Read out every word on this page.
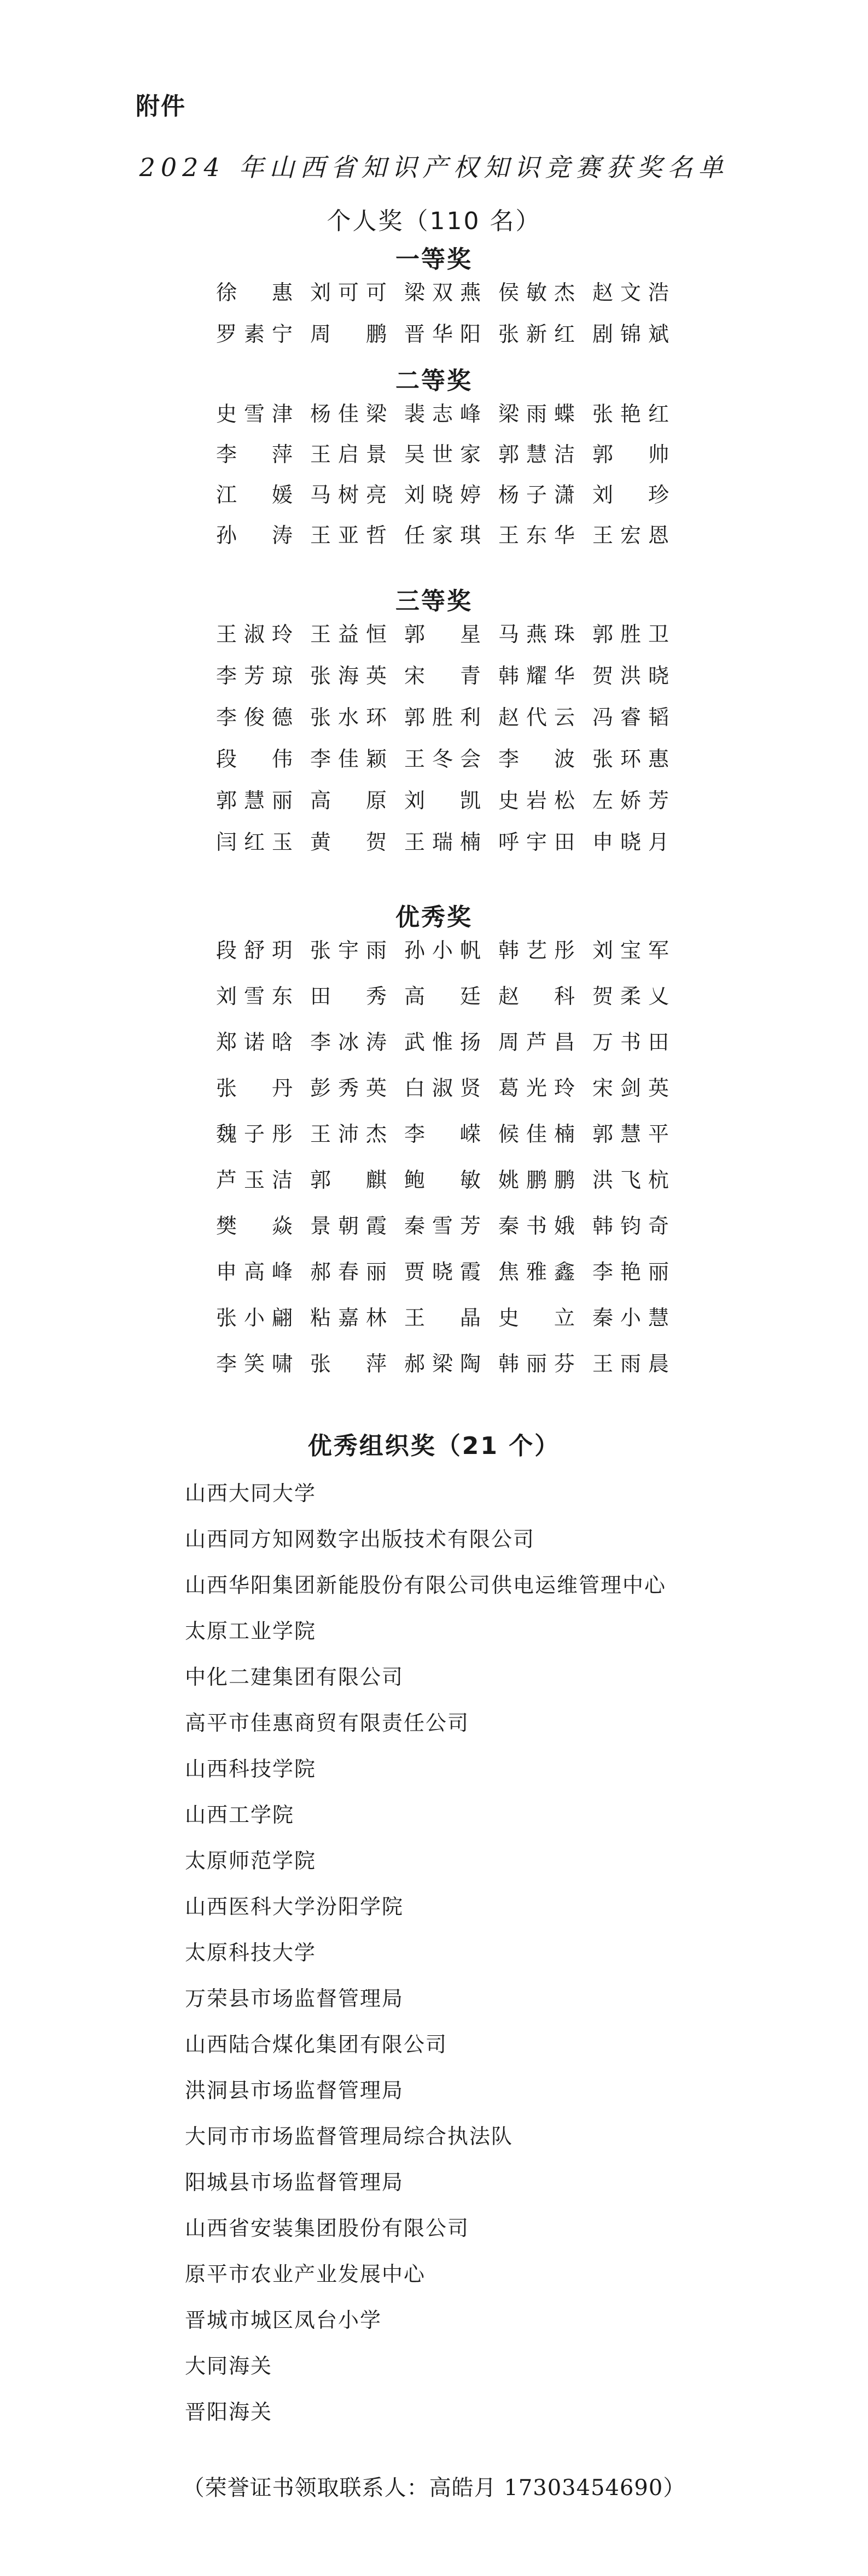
附件
2024 年山西省知识产权知识竞赛获奖名单
个人奖（110 名）
一等奖
徐　惠 刘可可 梁双燕 侯敏杰 赵文浩
罗素宁 周　鹏 晋华阳 张新红 剧锦斌
二等奖
史雪津 杨佳梁 裴志峰 梁雨蝶 张艳红
李　萍 王启景 吴世家 郭慧洁 郭　帅
江　媛 马树亮 刘晓婷 杨子潇 刘　珍
孙　涛 王亚哲 任家琪 王东华 王宏恩
三等奖
王淑玲 王益恒 郭　星 马燕珠 郭胜卫
李芳琼 张海英 宋　青 韩耀华 贺洪晓
李俊德 张水环 郭胜利 赵代云 冯睿韬
段　伟 李佳颖 王冬会 李　波 张环惠
郭慧丽 高　原 刘　凯 史岩松 左娇芳
闫红玉 黄　贺 王瑞楠 呼宇田 申晓月
优秀奖
段舒玥 张宇雨 孙小帆 韩艺彤 刘宝军
刘雪东 田　秀 高　廷 赵　科 贺柔乂
郑诺晗 李冰涛 武惟扬 周芦昌 万书田
张　丹 彭秀英 白淑贤 葛光玲 宋剑英
魏子彤 王沛杰 李　嵘 候佳楠 郭慧平
芦玉洁 郭　麒 鲍　敏 姚鹏鹏 洪飞杭
樊　焱 景朝霞 秦雪芳 秦书娥 韩钧奇
申高峰 郝春丽 贾晓霞 焦雅鑫 李艳丽
张小翩 粘嘉林 王　晶 史　立 秦小慧
李笑啸 张　萍 郝梁陶 韩丽芬 王雨晨
优秀组织奖（21 个）
山西大同大学
山西同方知网数字出版技术有限公司
山西华阳集团新能股份有限公司供电运维管理中心
太原工业学院
中化二建集团有限公司
高平市佳惠商贸有限责任公司
山西科技学院
山西工学院
太原师范学院
山西医科大学汾阳学院
太原科技大学
万荣县市场监督管理局
山西陆合煤化集团有限公司
洪洞县市场监督管理局
大同市市场监督管理局综合执法队
阳城县市场监督管理局
山西省安装集团股份有限公司
原平市农业产业发展中心
晋城市城区凤台小学
大同海关
晋阳海关
（荣誉证书领取联系人：高皓月 17303454690）
